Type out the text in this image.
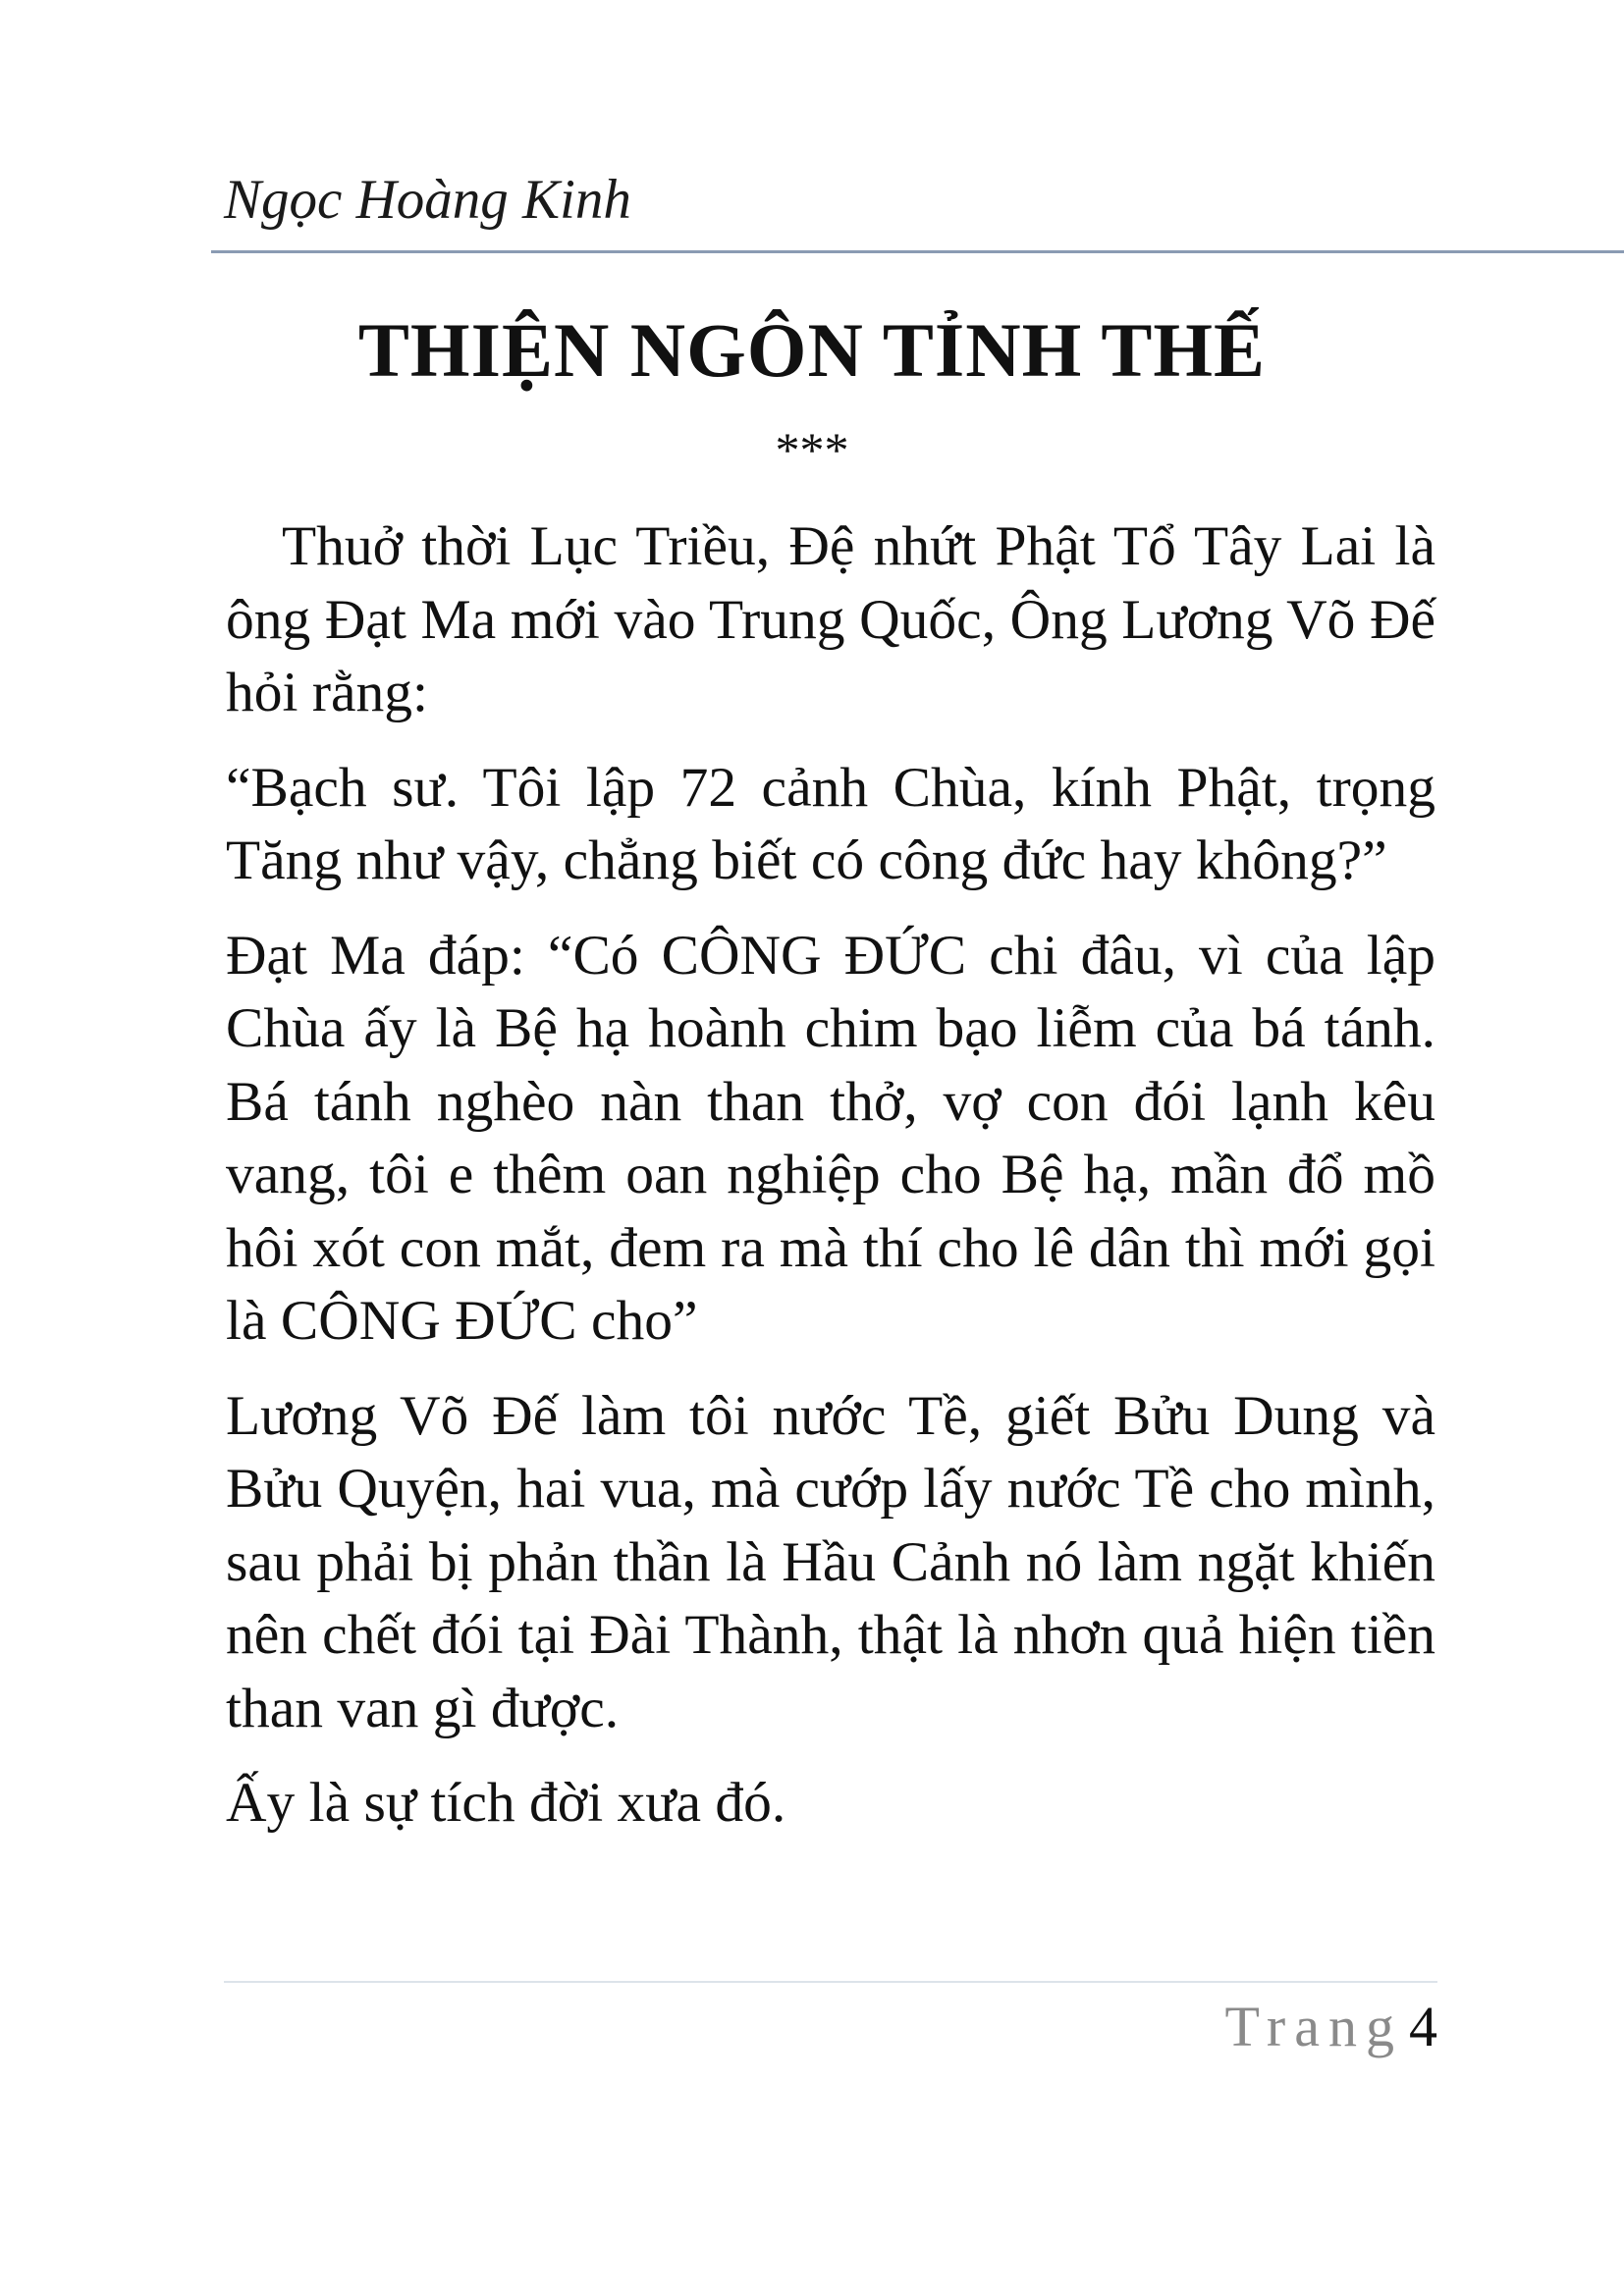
Ngọc Hoàng Kinh
THIỆN NGÔN TỈNH THẾ
***

Thuở thời Lục Triều, Đệ nhứt Phật Tổ Tây Lai là ông Đạt Ma mới vào Trung Quốc, Ông Lương Võ Đế hỏi rằng:

“Bạch sư. Tôi lập 72 cảnh Chùa, kính Phật, trọng Tăng như vậy, chẳng biết có công đức hay không?”

Đạt Ma đáp: “Có CÔNG ĐỨC chi đâu, vì của lập Chùa ấy là Bệ hạ hoành chim bạo liễm của bá tánh. Bá tánh nghèo nàn than thở, vợ con đói lạnh kêu vang, tôi e thêm oan nghiệp cho Bệ hạ, mần đổ mồ hôi xót con mắt, đem ra mà thí cho lê dân thì mới gọi là CÔNG ĐỨC cho”

Lương Võ Đế làm tôi nước Tề, giết Bửu Dung và Bửu Quyện, hai vua, mà cướp lấy nước Tề cho mình, sau phải bị phản thần là Hầu Cảnh nó làm ngặt khiến nên chết đói tại Đài Thành, thật là nhơn quả hiện tiền than van gì được.

Ấy là sự tích đời xưa đó.

Trang 4
